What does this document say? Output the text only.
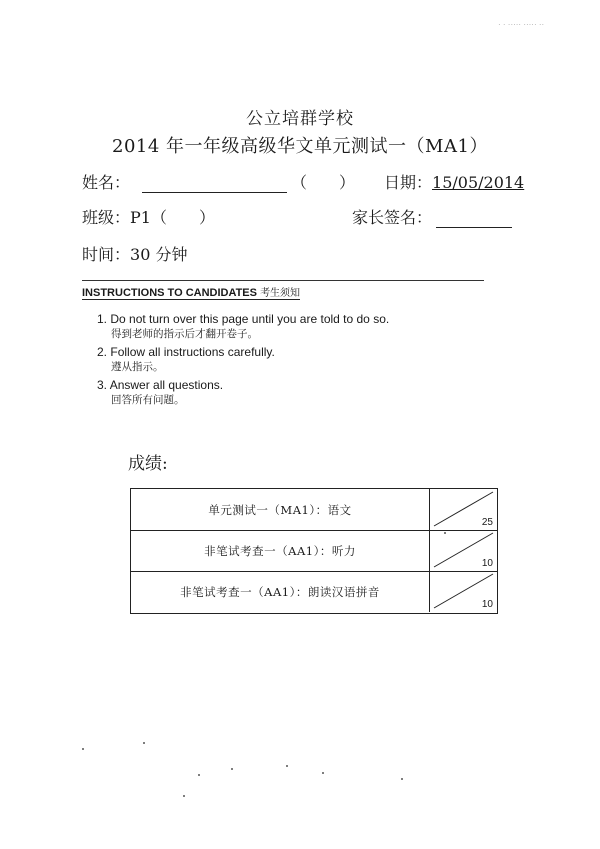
· · ····· ····· ··
公立培群学校
2014 年一年级高级华文单元测试一（MA1）
姓名：	（　　） 日期：15/05/2014
班级：P1（　　）	家长签名：
时间：30 分钟
INSTRUCTIONS TO CANDIDATES 考生须知
1. Do not turn over this page until you are told to do so.
得到老师的指示后才翻开卷子。
2. Follow all instructions carefully.
遵从指示。
3. Answer all questions.
回答所有问题。
成绩:
单元测试一（MA1）：语文
25
非笔试考查一（AA1）：听力
10
非笔试考查一（AA1）：朗读汉语拼音
10
